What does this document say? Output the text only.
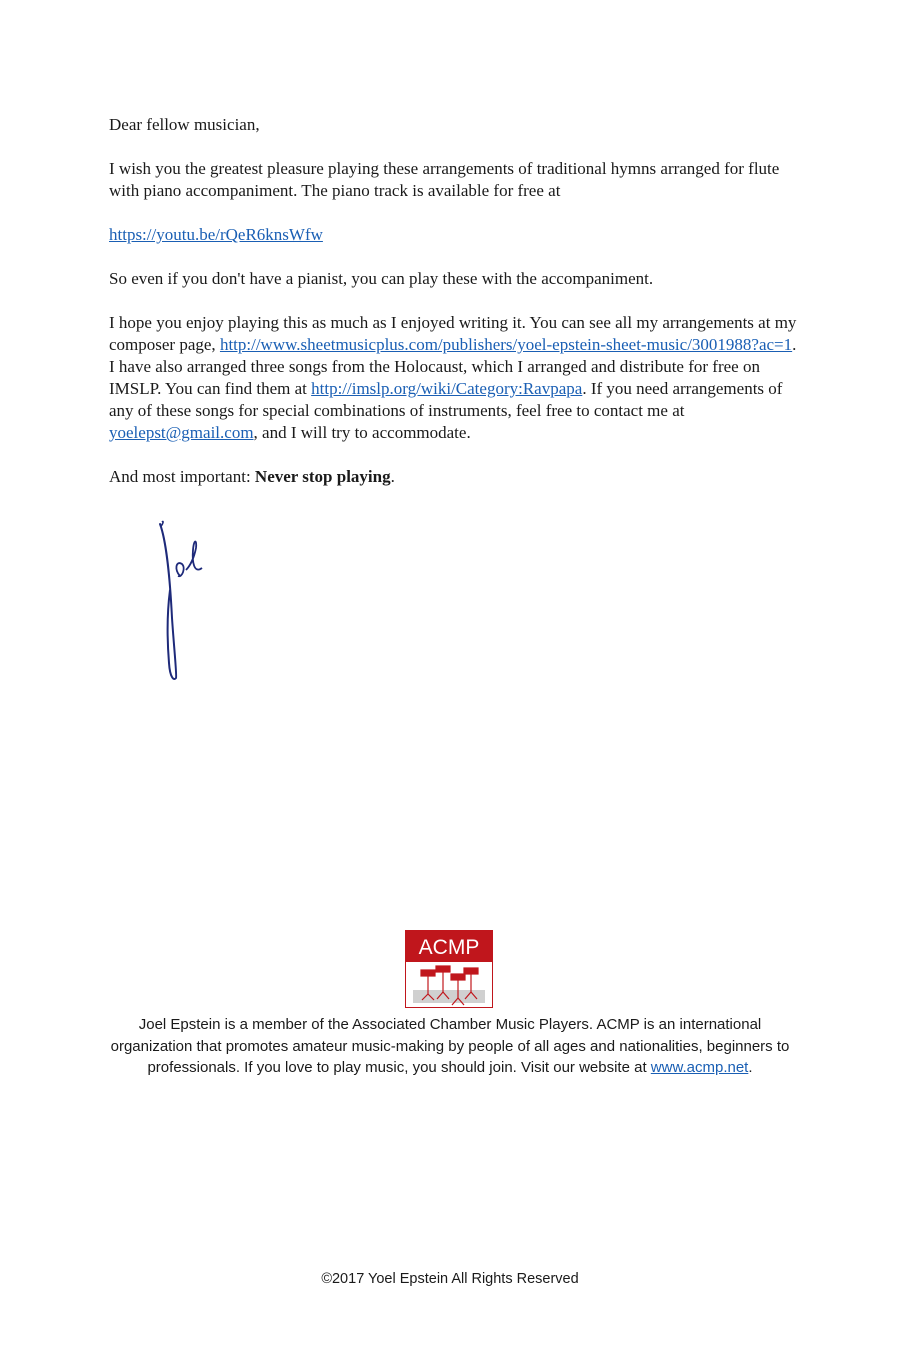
Dear fellow musician,

I wish you the greatest pleasure playing these arrangements of traditional hymns arranged for flute with piano accompaniment. The piano track is available for free at

https://youtu.be/rQeR6knsWfw

So even if you don't have a pianist, you can play these with the accompaniment.

I hope you enjoy playing this as much as I enjoyed writing it. You can see all my arrangements at my composer page, http://www.sheetmusicplus.com/publishers/yoel-epstein-sheet-music/3001988?ac=1. I have also arranged three songs from the Holocaust, which I arranged and distribute for free on IMSLP. You can find them at http://imslp.org/wiki/Category:Ravpapa. If you need arrangements of any of these songs for special combinations of instruments, feel free to contact me at yoelepst@gmail.com, and I will try to accommodate.

And most important: Never stop playing.

ACMP
Joel Epstein is a member of the Associated Chamber Music Players. ACMP is an international organization that promotes amateur music-making by people of all ages and nationalities, beginners to professionals. If you love to play music, you should join. Visit our website at www.acmp.net.
©2017 Yoel Epstein All Rights Reserved
